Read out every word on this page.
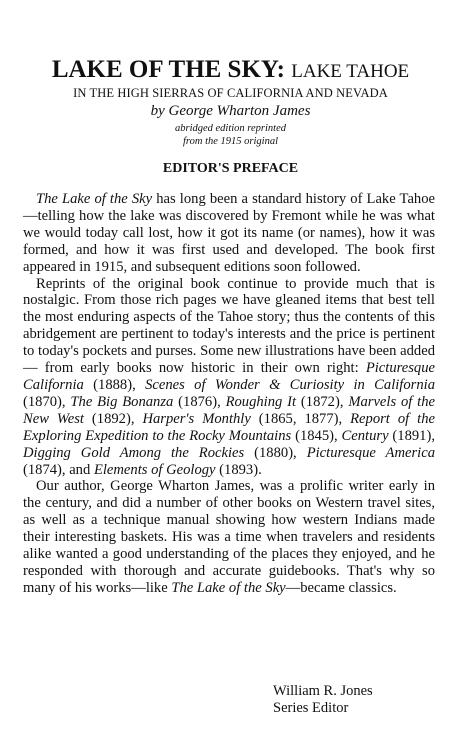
LAKE OF THE SKY: LAKE TAHOE
IN THE HIGH SIERRAS OF CALIFORNIA AND NEVADA
by George Wharton James
abridged edition reprinted
from the 1915 original
EDITOR'S PREFACE

The Lake of the Sky has long been a standard history of Lake Tahoe—telling how the lake was discovered by Fremont while he was what we would today call lost, how it got its name (or names), how it was formed, and how it was first used and developed. The book first appeared in 1915, and subsequent editions soon followed.

Reprints of the original book continue to provide much that is nostalgic. From those rich pages we have gleaned items that best tell the most enduring aspects of the Tahoe story; thus the contents of this abridgement are pertinent to today's interests and the price is pertinent to today's pockets and purses. Some new illustrations have been added— from early books now historic in their own right: Picturesque California (1888), Scenes of Wonder & Curiosity in California (1870), The Big Bonanza (1876), Roughing It (1872), Marvels of the New West (1892), Harper's Monthly (1865, 1877), Report of the Exploring Expedition to the Rocky Mountains (1845), Century (1891), Digging Gold Among the Rockies (1880), Picturesque America (1874), and Elements of Geology (1893).

Our author, George Wharton James, was a prolific writer early in the century, and did a number of other books on Western travel sites, as well as a technique manual showing how western Indians made their interesting baskets. His was a time when travelers and residents alike wanted a good understanding of the places they enjoyed, and he responded with thorough and accurate guidebooks. That's why so many of his works—like The Lake of the Sky—became classics.

William R. Jones
Series Editor
